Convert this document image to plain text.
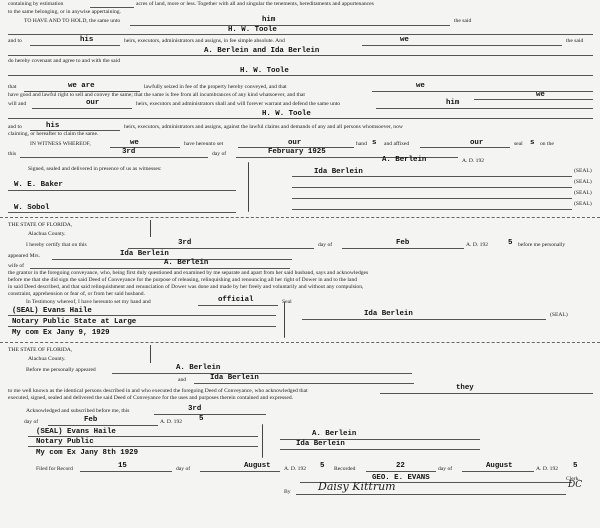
containing by estimation	acres of land, more or less. Together with all and singular the tenements, hereditaments and appurtenances
to the same belonging, or in anywise appertaining.
TO HAVE AND TO HOLD, the same unto	him	the said
H. W. Toole
and to	his	heirs, executors, administrators and assigns, in fee simple absolute. And	we	the said
A. Berlein and Ida Berlein
do hereby covenant and agree to and with the said
H. W. Toole
that	we are	lawfully seized in fee of the property hereby conveyed, and that	we
have good and lawful right to sell and convey the same; that the same is free from all incumbrances of any kind whatsoever, and that	we
will and	our	heirs, executors and administrators shall and will forever warrant and defend the same unto	him
H. W. Toole
and to	his	heirs, executors, administrators and assigns, against the lawful claims and demands of any and all persons whomsoever, now
claiming, or hereafter to claim the same.
IN WITNESS WHEREOF,	we	have hereunto set	our	hand s and affixed	our	seal s on the
this	3rd	day of	February 1925
A. Berlein	A. D. 192
Signed, sealed and delivered in presence of us as witnesses:	Ida Berlein
W. E. Baker
W. Sobol
(SEAL)
(SEAL)
(SEAL)
(SEAL)
THE STATE OF FLORIDA,
Alachua County.
I hereby certify that on this	3rd	day of	Feb	A. D. 192	5 before me personally
appeared Mrs.	Ida Berlein
wife of	A. Berlein
the grantor in the foregoing conveyance, who, being first duly questioned and examined by me separate and apart from her said husband, says and acknowledges
before me that she did sign the said Deed of Conveyance for the purpose of releasing, relinquishing and renouncing all her right of Dower in and to the land
in said Deed described, and that said relinquishment and renunciation of Dower was done and made by her freely and voluntarily and without any compulsion,
constraint, apprehension or fear of, or from her said husband.
In Testimony whereof, I have hereunto set my hand and	official	Seal
(SEAL) Evans Haile
Notary Public State at Large
My com Ex Jany 9, 1929
Ida Berlein	(SEAL)
THE STATE OF FLORIDA,
Alachua County.
Before me personally appeared	A. Berlein
and	Ida Berlein
to me well known as the identical persons described in and who executed the foregoing Deed of Conveyance, who acknowledged that	they
executed, signed, sealed and delivered the said Deed of Conveyance for the uses and purposes therein contained and expressed.
Acknowledged and subscribed before me, this	3rd
day of	Feb	A. D. 192 5
(SEAL) Evans Haile
Notary Public
My com Ex Jany 8th 1929
A. Berlein
Ida Berlein
Filed for Record	15	day of	August A. D. 192 5 Recorded	22	day of	August	A. D. 192 5
GEO. E. EVANS	Clerk.
By Daisy Kittrum	DC
